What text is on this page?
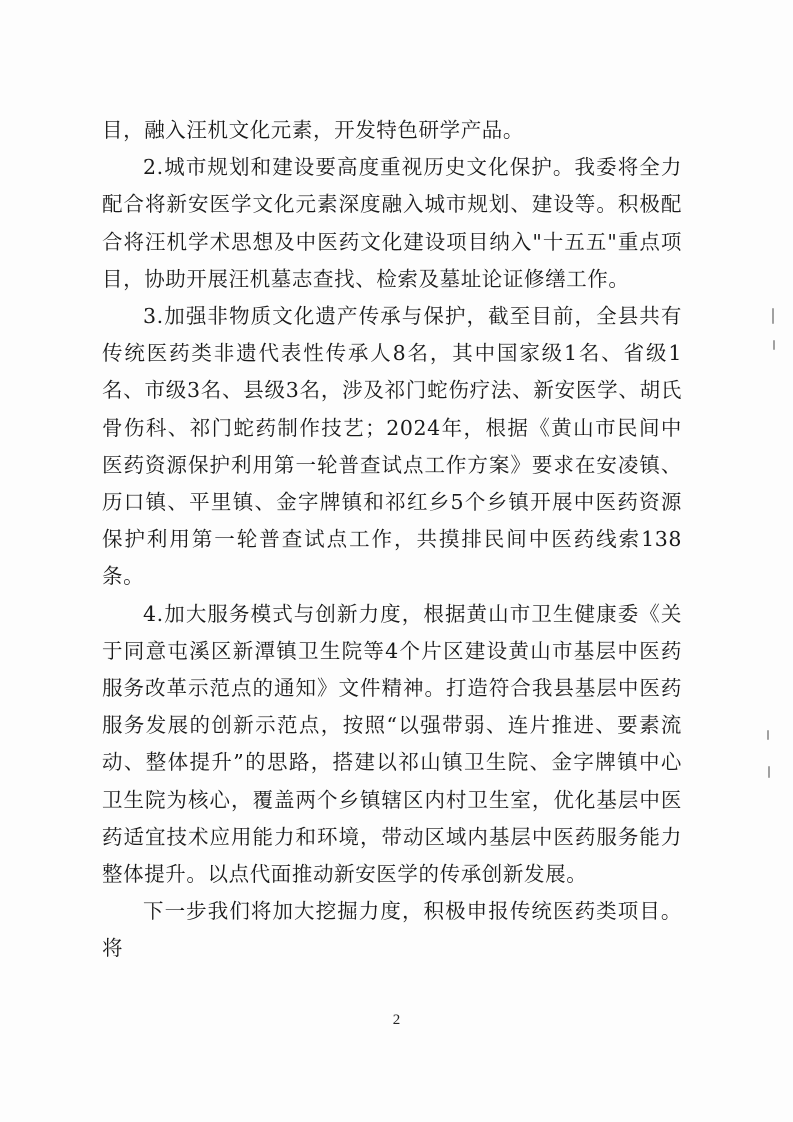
目，融入汪机文化元素，开发特色研学产品。

2.城市规划和建设要高度重视历史文化保护。我委将全力配合将新安医学文化元素深度融入城市规划、建设等。积极配合将汪机学术思想及中医药文化建设项目纳入"十五五"重点项目，协助开展汪机墓志查找、检索及墓址论证修缮工作。

3.加强非物质文化遗产传承与保护，截至目前，全县共有传统医药类非遗代表性传承人8名，其中国家级1名、省级1名、市级3名、县级3名，涉及祁门蛇伤疗法、新安医学、胡氏骨伤科、祁门蛇药制作技艺；2024年，根据《黄山市民间中医药资源保护利用第一轮普查试点工作方案》要求在安凌镇、历口镇、平里镇、金字牌镇和祁红乡5个乡镇开展中医药资源保护利用第一轮普查试点工作，共摸排民间中医药线索138条。

4.加大服务模式与创新力度，根据黄山市卫生健康委《关于同意屯溪区新潭镇卫生院等4个片区建设黄山市基层中医药服务改革示范点的通知》文件精神。打造符合我县基层中医药服务发展的创新示范点，按照“以强带弱、连片推进、要素流动、整体提升”的思路，搭建以祁山镇卫生院、金字牌镇中心卫生院为核心，覆盖两个乡镇辖区内村卫生室，优化基层中医药适宜技术应用能力和环境，带动区域内基层中医药服务能力整体提升。以点代面推动新安医学的传承创新发展。

下一步我们将加大挖掘力度，积极申报传统医药类项目。将

2
